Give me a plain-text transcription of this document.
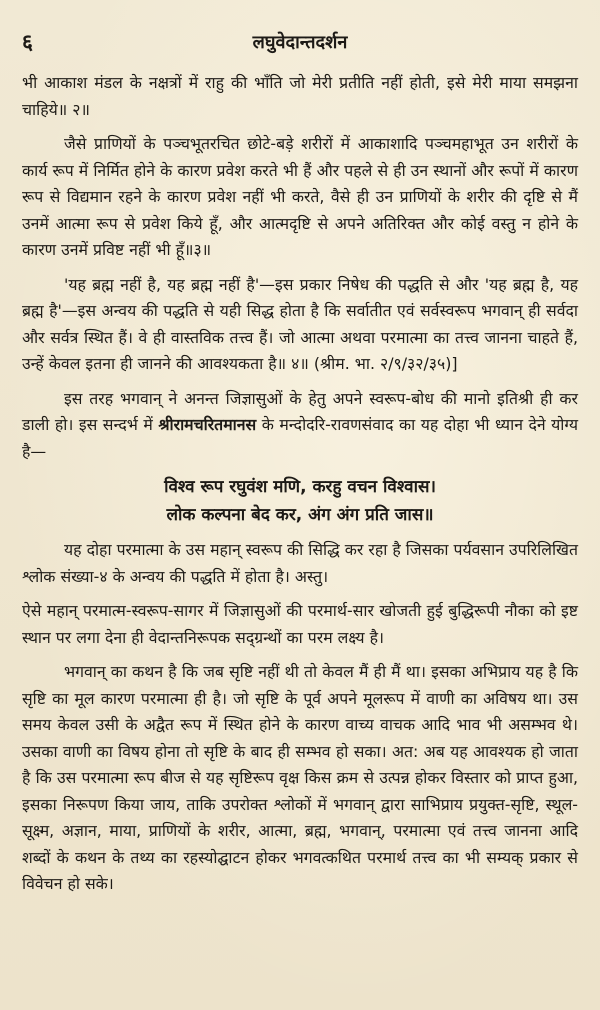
६	लघुवेदान्तदर्शन

भी आकाश मंडल के नक्षत्रों में राहु की भाँति जो मेरी प्रतीति नहीं होती, इसे मेरी माया समझना चाहिये॥ २॥

जैसे प्राणियों के पञ्चभूतरचित छोटे-बड़े शरीरों में आकाशादि पञ्चमहाभूत उन शरीरों के कार्य रूप में निर्मित होने के कारण प्रवेश करते भी हैं और पहले से ही उन स्थानों और रूपों में कारण रूप से विद्यमान रहने के कारण प्रवेश नहीं भी करते, वैसे ही उन प्राणियों के शरीर की दृष्टि से मैं उनमें आत्मा रूप से प्रवेश किये हूँ, और आत्मदृष्टि से अपने अतिरिक्त और कोई वस्तु न होने के कारण उनमें प्रविष्ट नहीं भी हूँ॥३॥

'यह ब्रह्म नहीं है, यह ब्रह्म नहीं है'—इस प्रकार निषेध की पद्धति से और 'यह ब्रह्म है, यह ब्रह्म है'—इस अन्वय की पद्धति से यही सिद्ध होता है कि सर्वातीत एवं सर्वस्वरूप भगवान् ही सर्वदा और सर्वत्र स्थित हैं। वे ही वास्तविक तत्त्व हैं। जो आत्मा अथवा परमात्मा का तत्त्व जानना चाहते हैं, उन्हें केवल इतना ही जानने की आवश्यकता है॥ ४॥ (श्रीम. भा. २/९/३२/३५)]

इस तरह भगवान् ने अनन्त जिज्ञासुओं के हेतु अपने स्वरूप-बोध की मानो इतिश्री ही कर डाली हो। इस सन्दर्भ में श्रीरामचरितमानस के मन्दोदरि-रावणसंवाद का यह दोहा भी ध्यान देने योग्य है—

विश्व रूप रघुवंश मणि, करहु वचन विश्वास।
लोक कल्पना बेद कर, अंग अंग प्रति जास॥

यह दोहा परमात्मा के उस महान् स्वरूप की सिद्धि कर रहा है जिसका पर्यवसान उपरिलिखित श्लोक संख्या-४ के अन्वय की पद्धति में होता है। अस्तु।

ऐसे महान् परमात्म-स्वरूप-सागर में जिज्ञासुओं की परमार्थ-सार खोजती हुई बुद्धिरूपी नौका को इष्ट स्थान पर लगा देना ही वेदान्तनिरूपक सद्ग्रन्थों का परम लक्ष्य है।

भगवान् का कथन है कि जब सृष्टि नहीं थी तो केवल मैं ही मैं था। इसका अभिप्राय यह है कि सृष्टि का मूल कारण परमात्मा ही है। जो सृष्टि के पूर्व अपने मूलरूप में वाणी का अविषय था। उस समय केवल उसी के अद्वैत रूप में स्थित होने के कारण वाच्य वाचक आदि भाव भी असम्भव थे। उसका वाणी का विषय होना तो सृष्टि के बाद ही सम्भव हो सका। अत: अब यह आवश्यक हो जाता है कि उस परमात्मा रूप बीज से यह सृष्टिरूप वृक्ष किस क्रम से उत्पन्न होकर विस्तार को प्राप्त हुआ, इसका निरूपण किया जाय, ताकि उपरोक्त श्लोकों में भगवान् द्वारा साभिप्राय प्रयुक्त-सृष्टि, स्थूल-सूक्ष्म, अज्ञान, माया, प्राणियों के शरीर, आत्मा, ब्रह्म, भगवान्, परमात्मा एवं तत्त्व जानना आदि शब्दों के कथन के तथ्य का रहस्योद्घाटन होकर भगवत्कथित परमार्थ तत्त्व का भी सम्यक् प्रकार से विवेचन हो सके।
